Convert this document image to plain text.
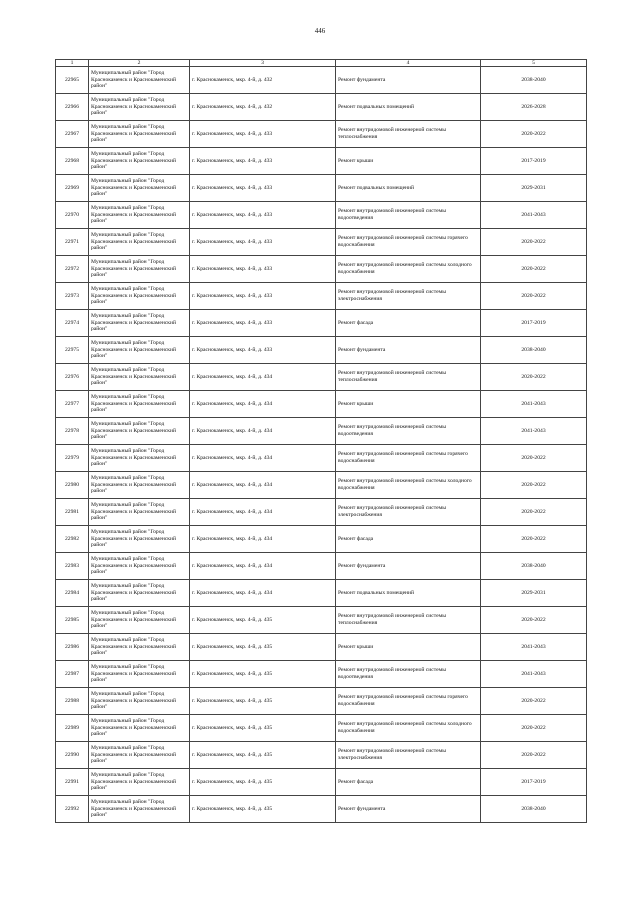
446
1	2	3	4	5
22965	Муниципальный район "Город Краснокаменск и Краснокаменский район"	г. Краснокаменск, мкр. 4-й, д. 432	Ремонт фундамента	2038-2040
22966	Муниципальный район "Город Краснокаменск и Краснокаменский район"	г. Краснокаменск, мкр. 4-й, д. 432	Ремонт подвальных помещений	2026-2028
22967	Муниципальный район "Город Краснокаменск и Краснокаменский район"	г. Краснокаменск, мкр. 4-й, д. 433	Ремонт внутридомовой инженерной системы теплоснабжения	2020-2022
22968	Муниципальный район "Город Краснокаменск и Краснокаменский район"	г. Краснокаменск, мкр. 4-й, д. 433	Ремонт крыши	2017-2019
22969	Муниципальный район "Город Краснокаменск и Краснокаменский район"	г. Краснокаменск, мкр. 4-й, д. 433	Ремонт подвальных помещений	2029-2031
22970	Муниципальный район "Город Краснокаменск и Краснокаменский район"	г. Краснокаменск, мкр. 4-й, д. 433	Ремонт внутридомовой инженерной системы водоотведения	2041-2043
22971	Муниципальный район "Город Краснокаменск и Краснокаменский район"	г. Краснокаменск, мкр. 4-й, д. 433	Ремонт внутридомовой инженерной системы горячего водоснабжения	2020-2022
22972	Муниципальный район "Город Краснокаменск и Краснокаменский район"	г. Краснокаменск, мкр. 4-й, д. 433	Ремонт внутридомовой инженерной системы холодного водоснабжения	2020-2022
22973	Муниципальный район "Город Краснокаменск и Краснокаменский район"	г. Краснокаменск, мкр. 4-й, д. 433	Ремонт внутридомовой инженерной системы электроснабжения	2020-2022
22974	Муниципальный район "Город Краснокаменск и Краснокаменский район"	г. Краснокаменск, мкр. 4-й, д. 433	Ремонт фасада	2017-2019
22975	Муниципальный район "Город Краснокаменск и Краснокаменский район"	г. Краснокаменск, мкр. 4-й, д. 433	Ремонт фундамента	2038-2040
22976	Муниципальный район "Город Краснокаменск и Краснокаменский район"	г. Краснокаменск, мкр. 4-й, д. 434	Ремонт внутридомовой инженерной системы теплоснабжения	2020-2022
22977	Муниципальный район "Город Краснокаменск и Краснокаменский район"	г. Краснокаменск, мкр. 4-й, д. 434	Ремонт крыши	2041-2043
22978	Муниципальный район "Город Краснокаменск и Краснокаменский район"	г. Краснокаменск, мкр. 4-й, д. 434	Ремонт внутридомовой инженерной системы водоотведения	2041-2043
22979	Муниципальный район "Город Краснокаменск и Краснокаменский район"	г. Краснокаменск, мкр. 4-й, д. 434	Ремонт внутридомовой инженерной системы горячего водоснабжения	2020-2022
22980	Муниципальный район "Город Краснокаменск и Краснокаменский район"	г. Краснокаменск, мкр. 4-й, д. 434	Ремонт внутридомовой инженерной системы холодного водоснабжения	2020-2022
22981	Муниципальный район "Город Краснокаменск и Краснокаменский район"	г. Краснокаменск, мкр. 4-й, д. 434	Ремонт внутридомовой инженерной системы электроснабжения	2020-2022
22982	Муниципальный район "Город Краснокаменск и Краснокаменский район"	г. Краснокаменск, мкр. 4-й, д. 434	Ремонт фасада	2020-2022
22983	Муниципальный район "Город Краснокаменск и Краснокаменский район"	г. Краснокаменск, мкр. 4-й, д. 434	Ремонт фундамента	2038-2040
22984	Муниципальный район "Город Краснокаменск и Краснокаменский район"	г. Краснокаменск, мкр. 4-й, д. 434	Ремонт подвальных помещений	2029-2031
22985	Муниципальный район "Город Краснокаменск и Краснокаменский район"	г. Краснокаменск, мкр. 4-й, д. 435	Ремонт внутридомовой инженерной системы теплоснабжения	2020-2022
22986	Муниципальный район "Город Краснокаменск и Краснокаменский район"	г. Краснокаменск, мкр. 4-й, д. 435	Ремонт крыши	2041-2043
22987	Муниципальный район "Город Краснокаменск и Краснокаменский район"	г. Краснокаменск, мкр. 4-й, д. 435	Ремонт внутридомовой инженерной системы водоотведения	2041-2043
22988	Муниципальный район "Город Краснокаменск и Краснокаменский район"	г. Краснокаменск, мкр. 4-й, д. 435	Ремонт внутридомовой инженерной системы горячего водоснабжения	2020-2022
22989	Муниципальный район "Город Краснокаменск и Краснокаменский район"	г. Краснокаменск, мкр. 4-й, д. 435	Ремонт внутридомовой инженерной системы холодного водоснабжения	2020-2022
22990	Муниципальный район "Город Краснокаменск и Краснокаменский район"	г. Краснокаменск, мкр. 4-й, д. 435	Ремонт внутридомовой инженерной системы электроснабжения	2020-2022
22991	Муниципальный район "Город Краснокаменск и Краснокаменский район"	г. Краснокаменск, мкр. 4-й, д. 435	Ремонт фасада	2017-2019
22992	Муниципальный район "Город Краснокаменск и Краснокаменский район"	г. Краснокаменск, мкр. 4-й, д. 435	Ремонт фундамента	2038-2040
